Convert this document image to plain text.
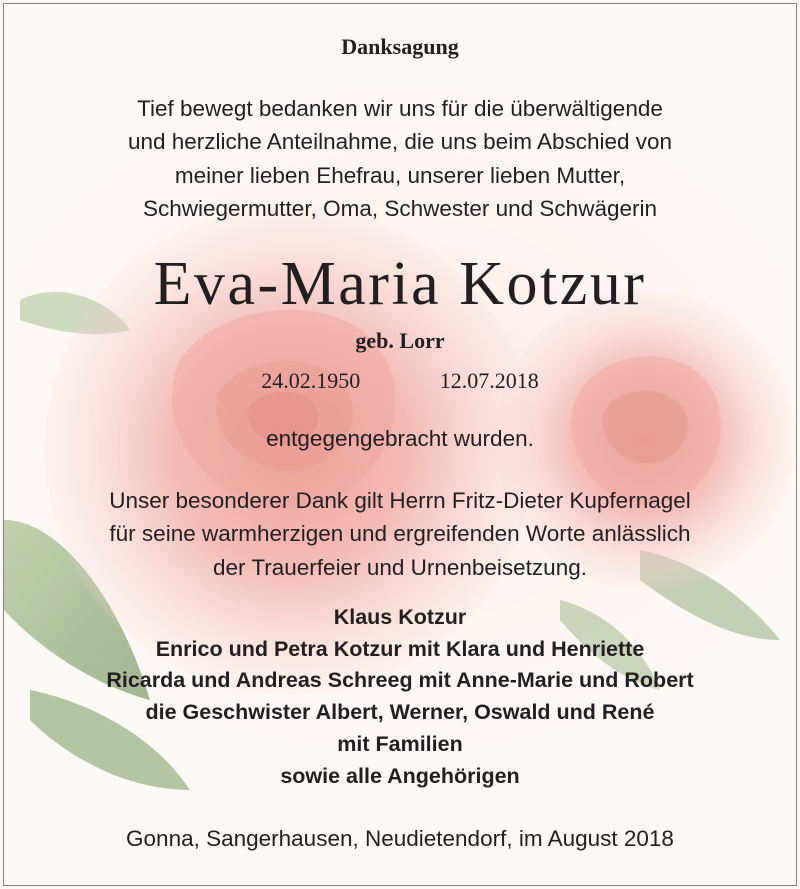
Danksagung
Tief bewegt bedanken wir uns für die überwältigende
und herzliche Anteilnahme, die uns beim Abschied von
meiner lieben Ehefrau, unserer lieben Mutter,
Schwiegermutter, Oma, Schwester und Schwägerin
Eva-Maria Kotzur
geb. Lorr
24.02.1950	12.07.2018
entgegengebracht wurden.
Unser besonderer Dank gilt Herrn Fritz-Dieter Kupfernagel
für seine warmherzigen und ergreifenden Worte anlässlich
der Trauerfeier und Urnenbeisetzung.
Klaus Kotzur
Enrico und Petra Kotzur mit Klara und Henriette
Ricarda und Andreas Schreeg mit Anne-Marie und Robert
die Geschwister Albert, Werner, Oswald und René
mit Familien
sowie alle Angehörigen
Gonna, Sangerhausen, Neudietendorf, im August 2018
